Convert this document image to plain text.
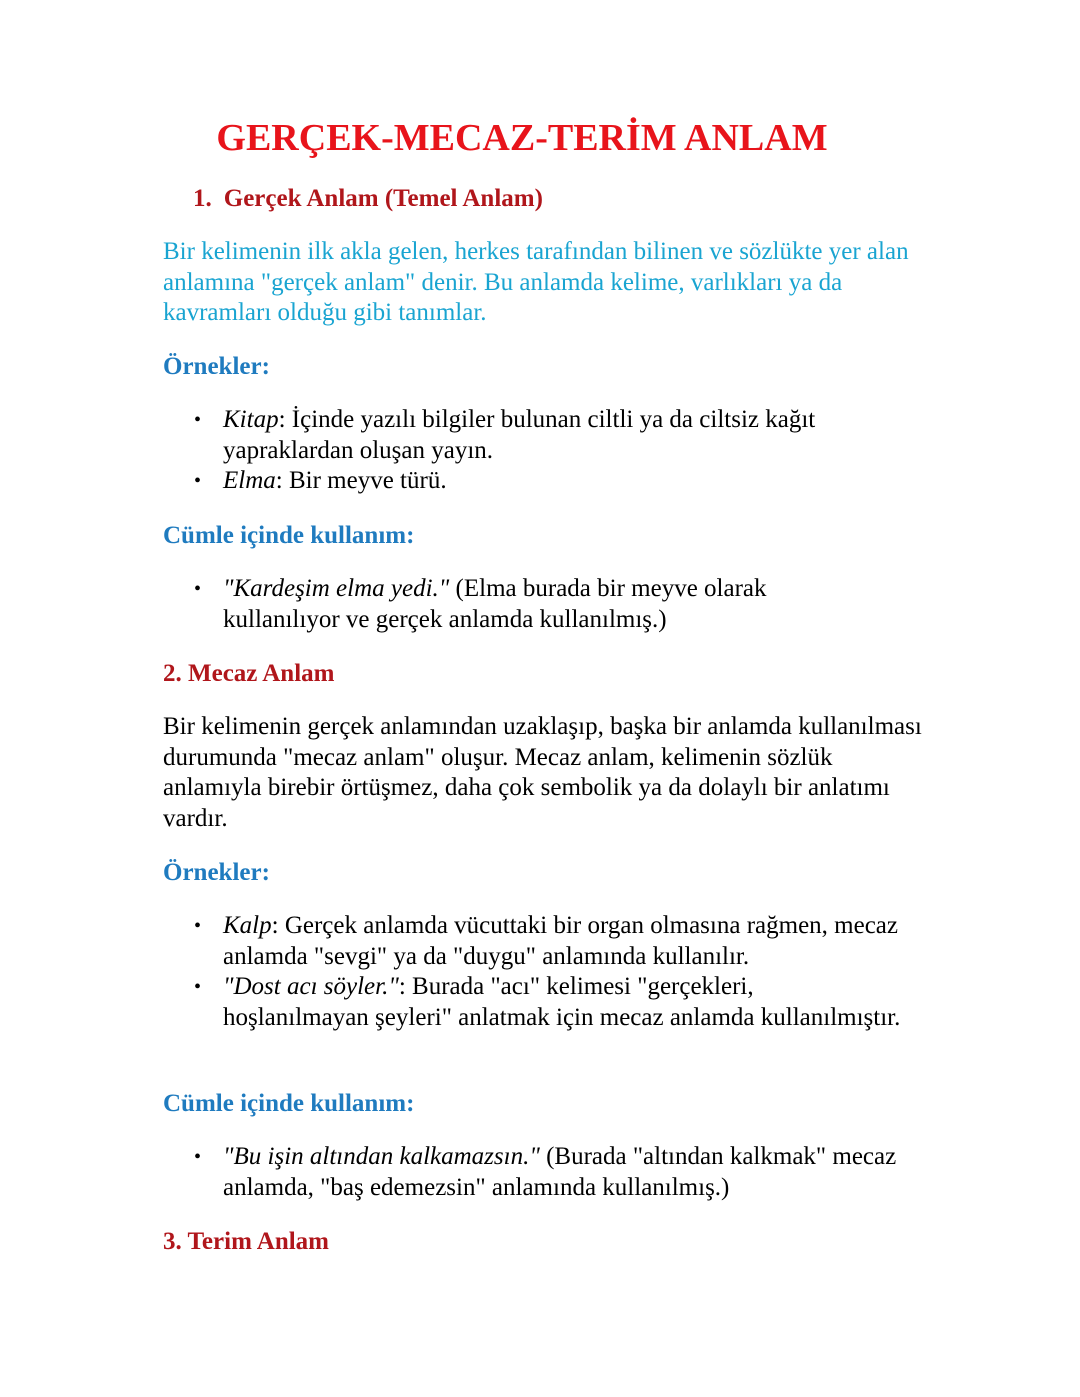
GERÇEK-MECAZ-TERİM ANLAM
1. Gerçek Anlam (Temel Anlam)

Bir kelimenin ilk akla gelen, herkes tarafından bilinen ve sözlükte yer alan anlamına "gerçek anlam" denir. Bu anlamda kelime, varlıkları ya da kavramları olduğu gibi tanımlar.

Örnekler:
• Kitap: İçinde yazılı bilgiler bulunan ciltli ya da ciltsiz kağıt yapraklardan oluşan yayın.
• Elma: Bir meyve türü.
Cümle içinde kullanım:
• "Kardeşim elma yedi." (Elma burada bir meyve olarak kullanılıyor ve gerçek anlamda kullanılmış.)
2. Mecaz Anlam

Bir kelimenin gerçek anlamından uzaklaşıp, başka bir anlamda kullanılması durumunda "mecaz anlam" oluşur. Mecaz anlam, kelimenin sözlük anlamıyla birebir örtüşmez, daha çok sembolik ya da dolaylı bir anlatımı vardır.

Örnekler:
• Kalp: Gerçek anlamda vücuttaki bir organ olmasına rağmen, mecaz anlamda "sevgi" ya da "duygu" anlamında kullanılır.
• "Dost acı söyler.": Burada "acı" kelimesi "gerçekleri, hoşlanılmayan şeyleri" anlatmak için mecaz anlamda kullanılmıştır.
Cümle içinde kullanım:
• "Bu işin altından kalkamazsın." (Burada "altından kalkmak" mecaz anlamda, "baş edemezsin" anlamında kullanılmış.)
3. Terim Anlam
